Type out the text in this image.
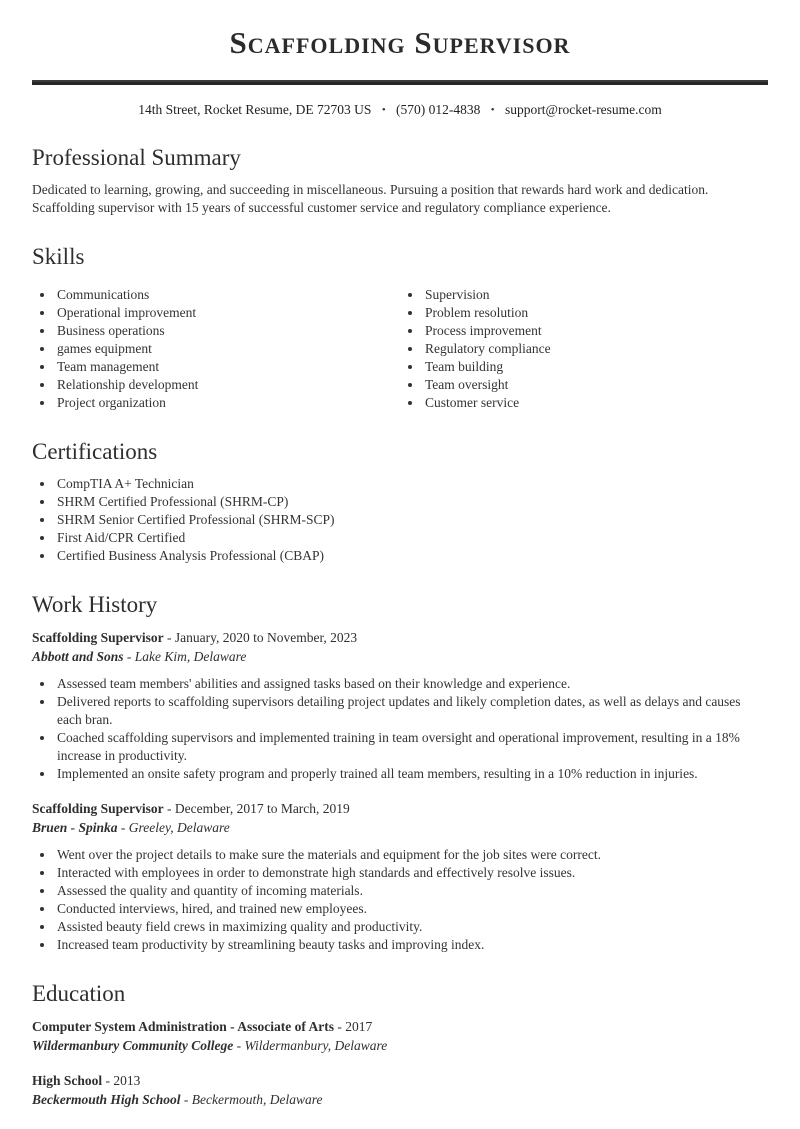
Scaffolding Supervisor
14th Street, Rocket Resume, DE 72703 US • (570) 012-4838 • support@rocket-resume.com
Professional Summary

Dedicated to learning, growing, and succeeding in miscellaneous. Pursuing a position that rewards hard work and dedication. Scaffolding supervisor with 15 years of successful customer service and regulatory compliance experience.

Skills
• Communications
• Operational improvement
• Business operations
• games equipment
• Team management
• Relationship development
• Project organization
• Supervision
• Problem resolution
• Process improvement
• Regulatory compliance
• Team building
• Team oversight
• Customer service
Certifications
• CompTIA A+ Technician
• SHRM Certified Professional (SHRM-CP)
• SHRM Senior Certified Professional (SHRM-SCP)
• First Aid/CPR Certified
• Certified Business Analysis Professional (CBAP)
Work History

Scaffolding Supervisor - January, 2020 to November, 2023

Abbott and Sons - Lake Kim, Delaware

• Assessed team members' abilities and assigned tasks based on their knowledge and experience.
• Delivered reports to scaffolding supervisors detailing project updates and likely completion dates, as well as delays and causes each bran.
• Coached scaffolding supervisors and implemented training in team oversight and operational improvement, resulting in a 18% increase in productivity.
• Implemented an onsite safety program and properly trained all team members, resulting in a 10% reduction in injuries.

Scaffolding Supervisor - December, 2017 to March, 2019

Bruen - Spinka - Greeley, Delaware

• Went over the project details to make sure the materials and equipment for the job sites were correct.
• Interacted with employees in order to demonstrate high standards and effectively resolve issues.
• Assessed the quality and quantity of incoming materials.
• Conducted interviews, hired, and trained new employees.
• Assisted beauty field crews in maximizing quality and productivity.
• Increased team productivity by streamlining beauty tasks and improving index.
Education

Computer System Administration - Associate of Arts - 2017

Wildermanbury Community College - Wildermanbury, Delaware

High School - 2013

Beckermouth High School - Beckermouth, Delaware
